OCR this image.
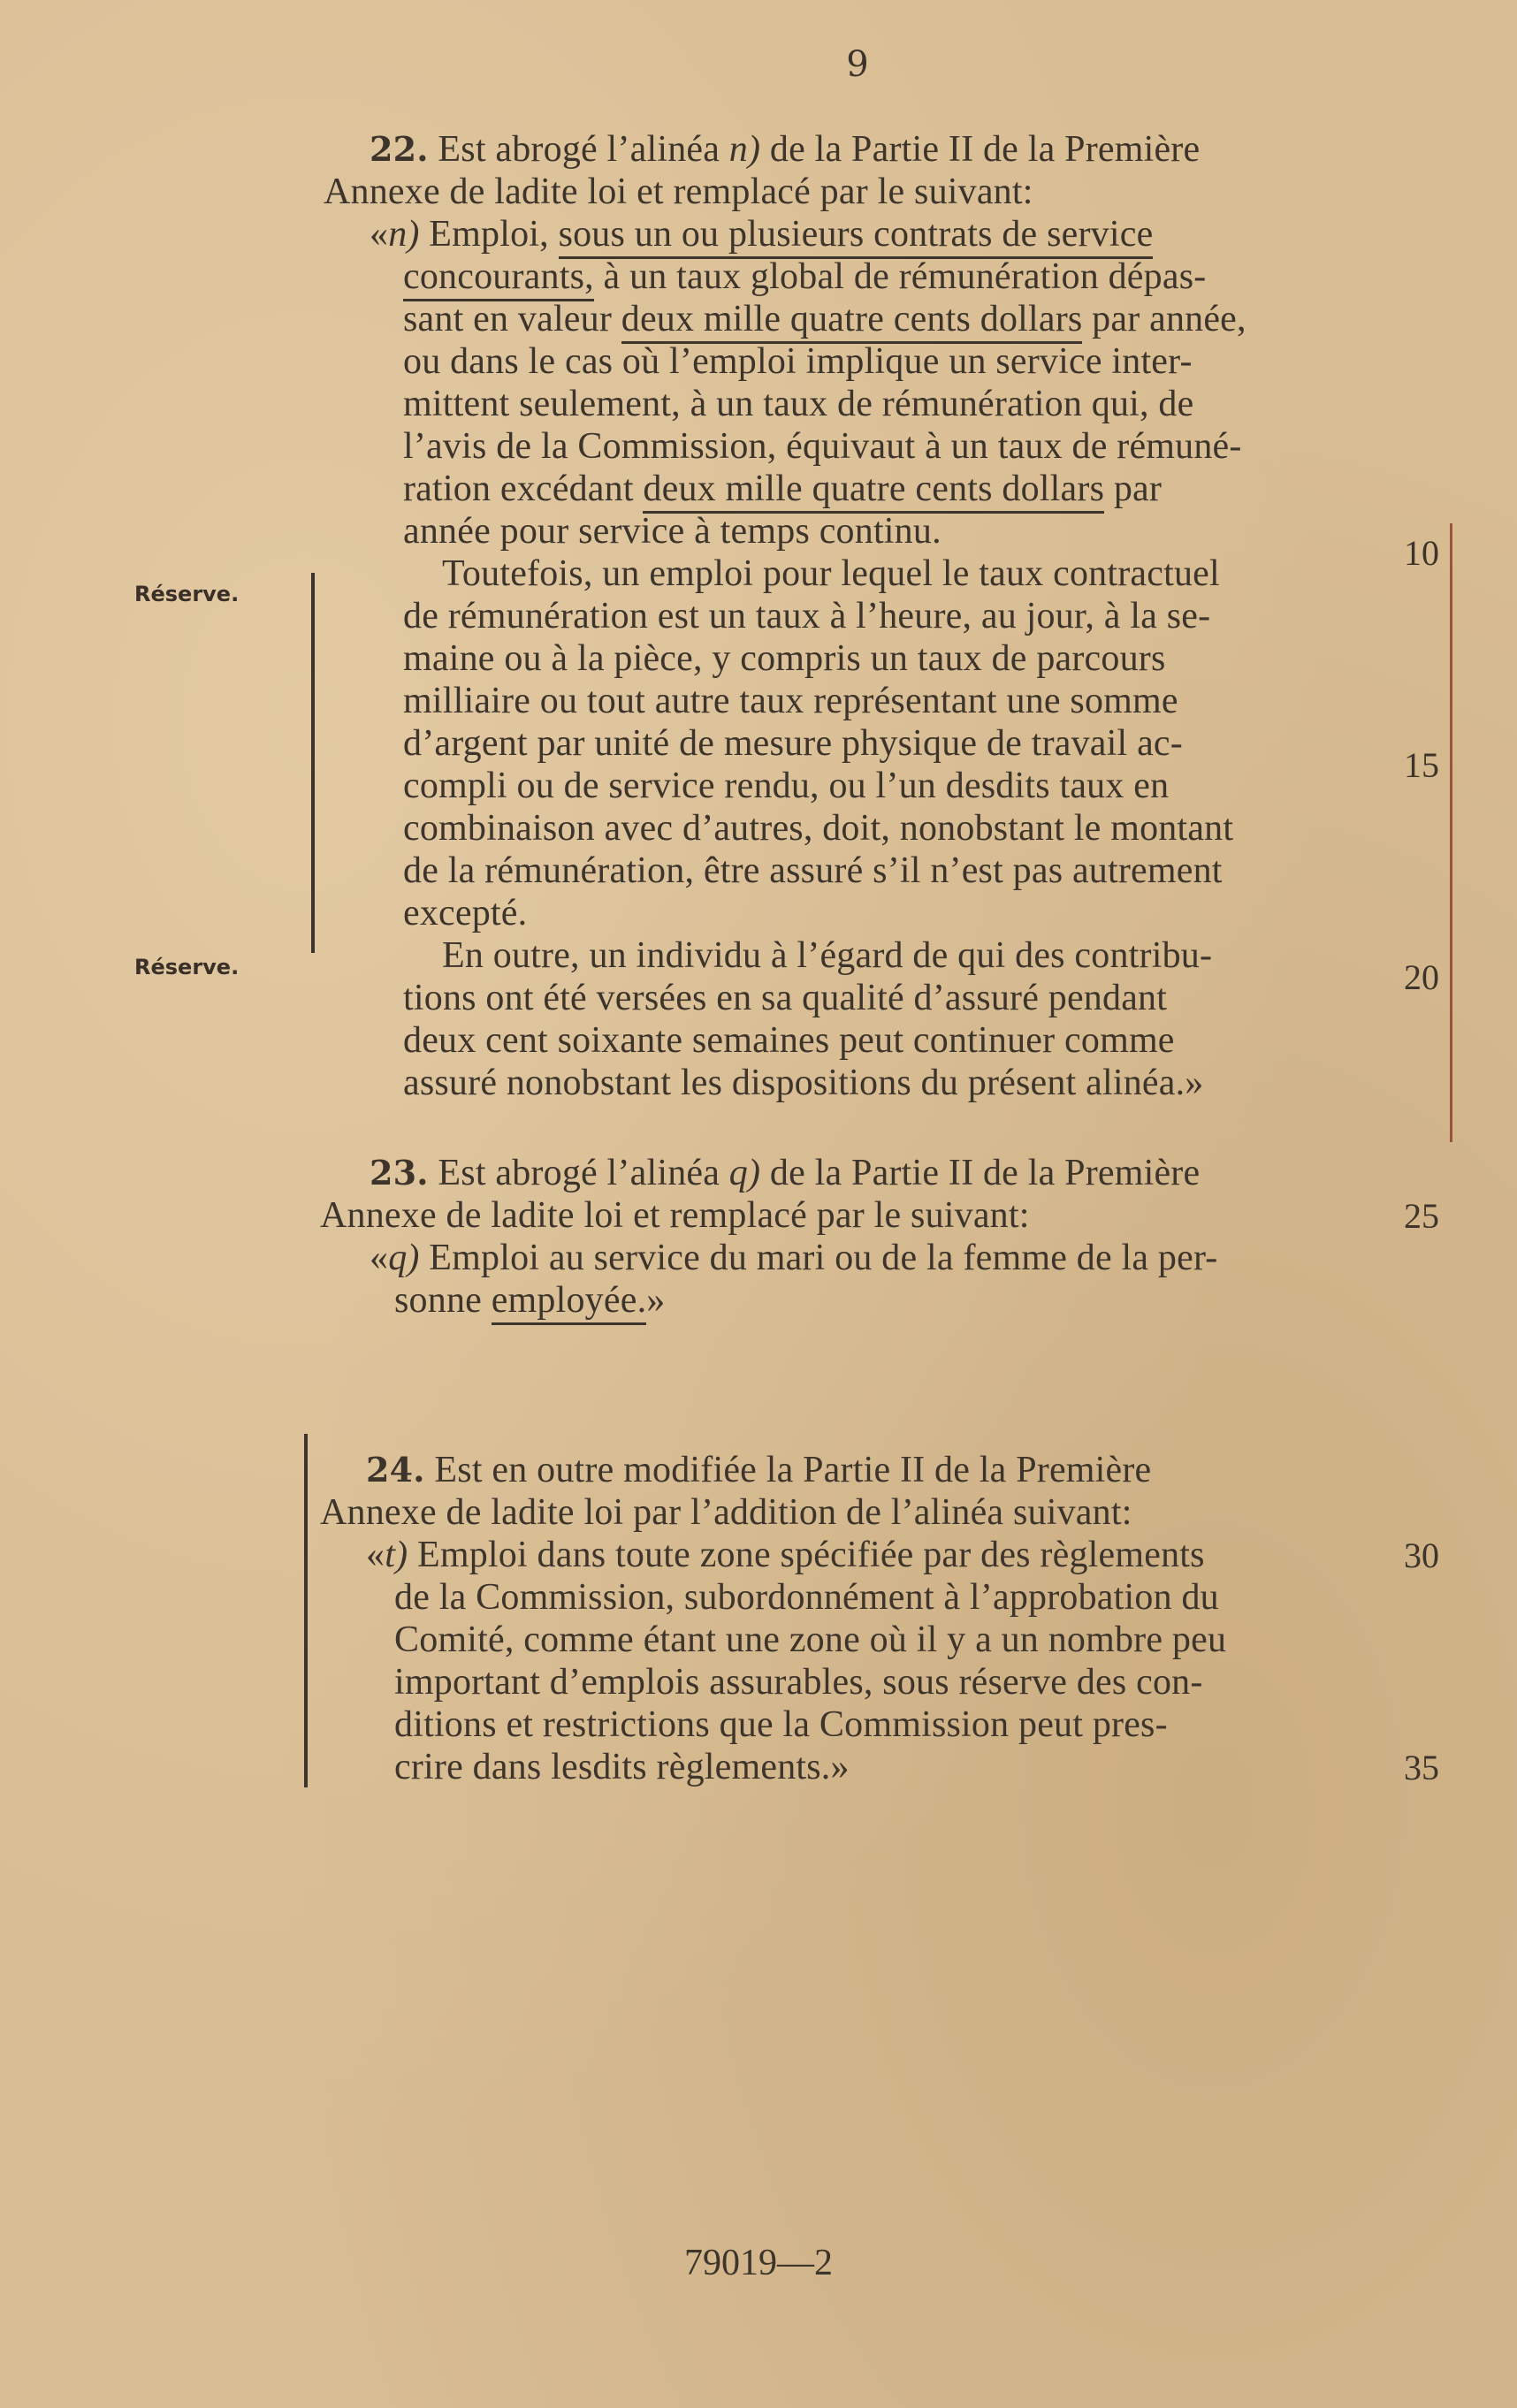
9
22. Est abrogé l’alinéa n) de la Partie II de la Première
Annexe de ladite loi et remplacé par le suivant:
«n) Emploi, sous un ou plusieurs contrats de service
concourants, à un taux global de rémunération dépas-
sant en valeur deux mille quatre cents dollars par année,
ou dans le cas où l’emploi implique un service inter-
mittent seulement, à un taux de rémunération qui, de
l’avis de la Commission, équivaut à un taux de rémuné-
ration excédant deux mille quatre cents dollars par
année pour service à temps continu.
Toutefois, un emploi pour lequel le taux contractuel
de rémunération est un taux à l’heure, au jour, à la se-
maine ou à la pièce, y compris un taux de parcours
milliaire ou tout autre taux représentant une somme
d’argent par unité de mesure physique de travail ac-
compli ou de service rendu, ou l’un desdits taux en
combinaison avec d’autres, doit, nonobstant le montant
de la rémunération, être assuré s’il n’est pas autrement
excepté.
En outre, un individu à l’égard de qui des contribu-
tions ont été versées en sa qualité d’assuré pendant
deux cent soixante semaines peut continuer comme
assuré nonobstant les dispositions du présent alinéa.»
23. Est abrogé l’alinéa q) de la Partie II de la Première
Annexe de ladite loi et remplacé par le suivant:
«q) Emploi au service du mari ou de la femme de la per-
sonne employée.»
24. Est en outre modifiée la Partie II de la Première
Annexe de ladite loi par l’addition de l’alinéa suivant:
«t) Emploi dans toute zone spécifiée par des règlements
de la Commission, subordonnément à l’approbation du
Comité, comme étant une zone où il y a un nombre peu
important d’emplois assurables, sous réserve des con-
ditions et restrictions que la Commission peut pres-
crire dans lesdits règlements.»
Réserve.
Réserve.
10
15
20
25
30
35
79019—2
